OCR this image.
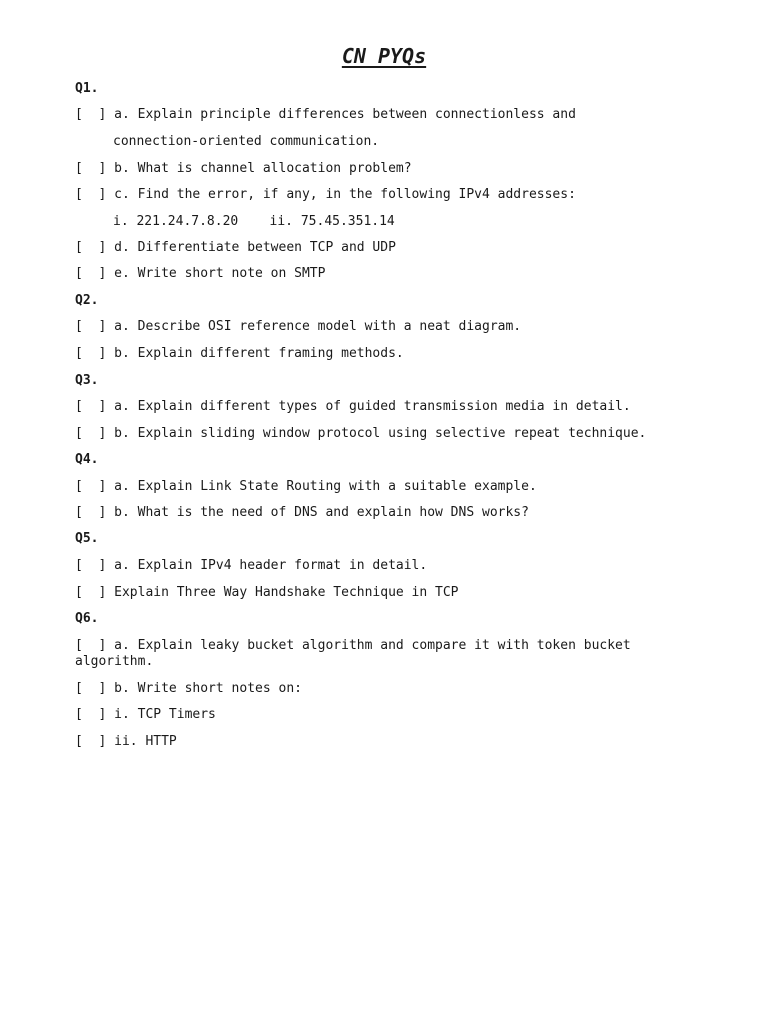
CN PYQs
Q1.
[  ] a. Explain principle differences between connectionless and
connection-oriented communication.
[  ] b. What is channel allocation problem?
[  ] c. Find the error, if any, in the following IPv4 addresses:
i. 221.24.7.8.20    ii. 75.45.351.14
[  ] d. Differentiate between TCP and UDP
[  ] e. Write short note on SMTP
Q2.
[  ] a. Describe OSI reference model with a neat diagram.
[  ] b. Explain different framing methods.
Q3.
[  ] a. Explain different types of guided transmission media in detail.
[  ] b. Explain sliding window protocol using selective repeat technique.
Q4.
[  ] a. Explain Link State Routing with a suitable example.
[  ] b. What is the need of DNS and explain how DNS works?
Q5.
[  ] a. Explain IPv4 header format in detail.
[  ] Explain Three Way Handshake Technique in TCP
Q6.
[  ] a. Explain leaky bucket algorithm and compare it with token bucket algorithm.
[  ] b. Write short notes on:
[  ] i. TCP Timers
[  ] ii. HTTP
